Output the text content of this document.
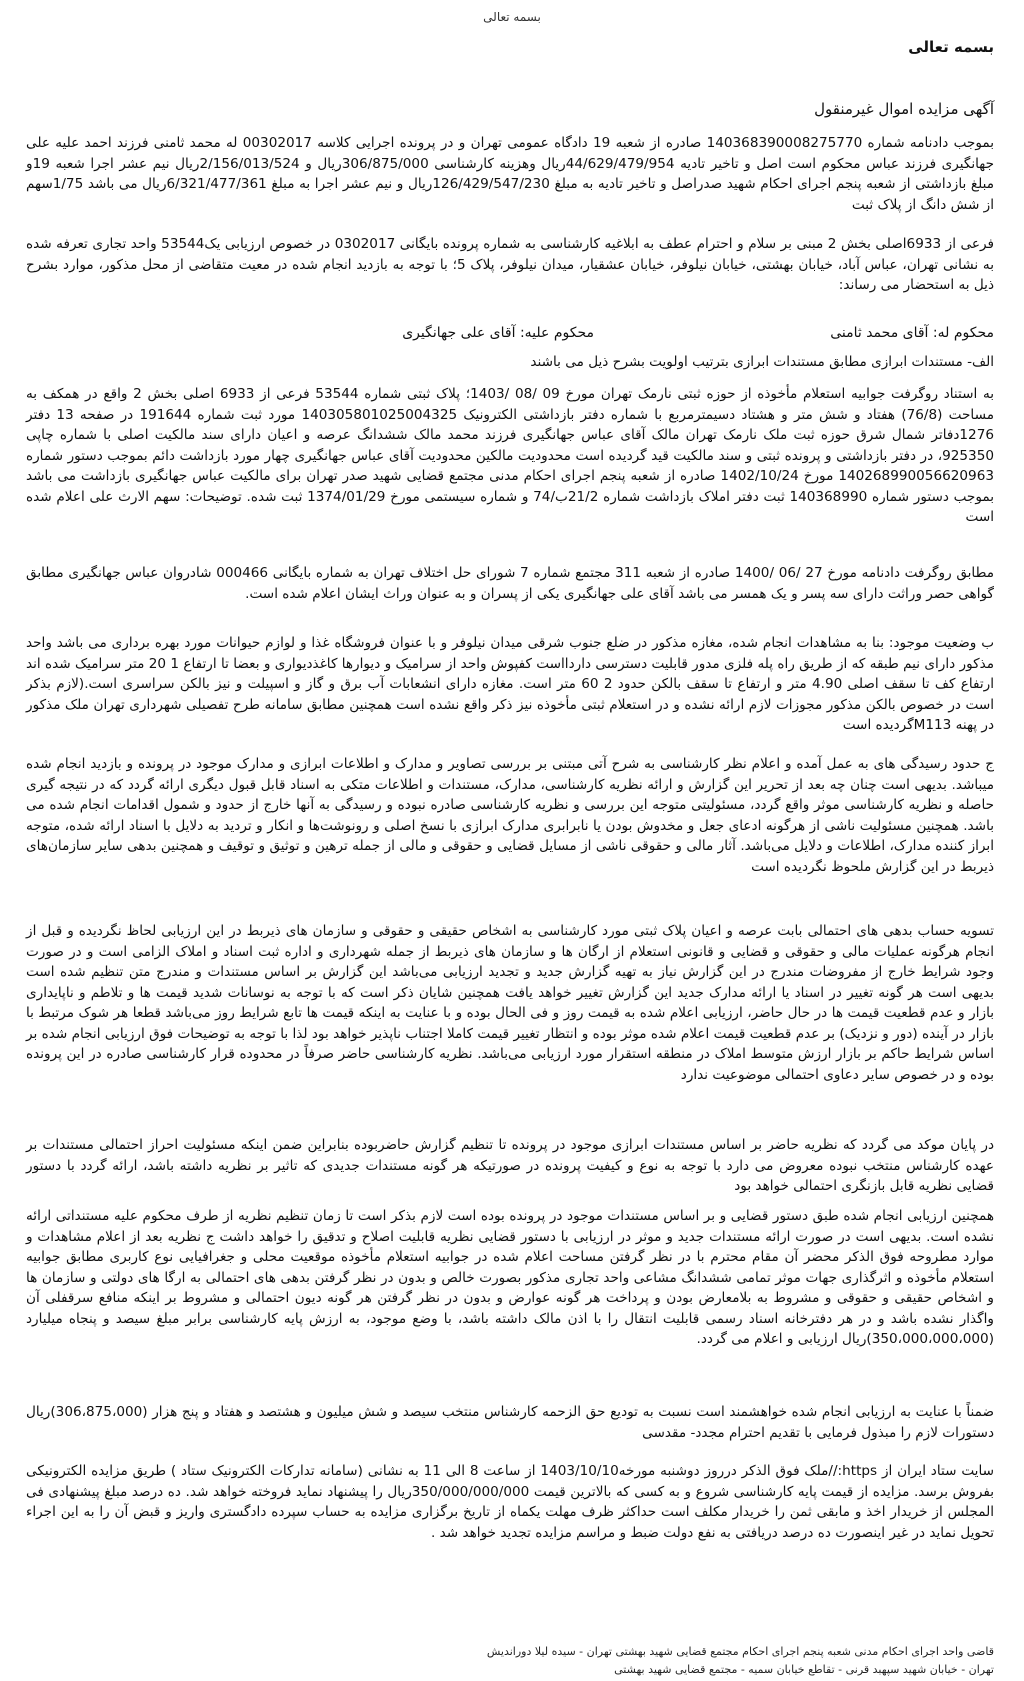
بسمه تعالی
بسمه تعالی
آگهی مزایده اموال غیرمنقول

بموجب دادنامه شماره 140368390008275770 صادره از شعبه 19 دادگاه عمومی تهران و در پرونده اجرایی کلاسه 00302017 له محمد ثامنی فرزند احمد علیه علی جهانگیری فرزند عباس محکوم است اصل و تاخیر تادیه 44/629/479/954ریال وهزینه کارشناسی 306/875/000ریال و 2/156/013/524ریال نیم عشر اجرا شعبه 19و مبلغ بازداشتی از شعبه پنجم اجرای احکام شهید صدراصل و تاخیر تادیه به مبلغ 126/429/547/230ریال و نیم عشر اجرا به مبلغ 6/321/477/361ریال می باشد 1/75سهم از شش دانگ از پلاک ثبت

فرعی از 6933اصلی بخش 2 مبنی بر سلام و احترام عطف به ابلاغیه کارشناسی به شماره پرونده بایگانی 0302017 در خصوص ارزیابی یک53544 واحد تجاری تعرفه شده به نشانی تهران، عباس آباد، خیابان بهشتی، خیابان نیلوفر، خیابان عشقیار، میدان نیلوفر، پلاک 5؛ با توجه به بازدید انجام شده در معیت متقاضی از محل مذکور، موارد بشرح ذیل به استحضار می رساند:

محکوم له: آقای محمد ثامنی
محکوم علیه: آقای علی جهانگیری

الف- مستندات ابرازی مطابق مستندات ابرازی بترتیب اولویت بشرح ذیل می باشند

به استناد روگرفت جوابیه استعلام مأخوذه از حوزه ثبتی نارمک تهران مورخ 09 /08 /1403؛ پلاک ثبتی شماره 53544 فرعی از 6933 اصلی بخش 2 واقع در همکف به مساحت (76/8) هفتاد و شش متر و هشتاد دسیمترمربع با شماره دفتر بازداشتی الکترونیک 140305801025004325 مورد ثبت شماره 191644 در صفحه 13 دفتر 1276دفاتر شمال شرق حوزه ثبت ملک نارمک تهران مالک آقای عباس جهانگیری فرزند محمد مالک ششدانگ عرصه و اعیان دارای سند مالکیت اصلی با شماره چاپی 925350، در دفتر بازداشتی و پرونده ثبتی و سند مالکیت قید گردیده است محدودیت مالکین محدودیت آقای عباس جهانگیری چهار مورد بازداشت دائم بموجب دستور شماره 140268990056620963 مورخ 1402/10/24 صادره از شعبه پنجم اجرای احکام مدنی مجتمع قضایی شهید صدر تهران برای مالکیت عباس جهانگیری بازداشت می باشد بموجب دستور شماره 140368990 ثبت دفتر املاک بازداشت شماره 21/2ب/74 و شماره سیستمی مورخ 1374/01/29 ثبت شده. توضیحات: سهم الارث علی اعلام شده است

مطابق روگرفت دادنامه مورخ 27 /06 /1400 صادره از شعبه 311 مجتمع شماره 7 شورای حل اختلاف تهران به شماره بایگانی 000466 شادروان عباس جهانگیری مطابق گواهی حصر وراثت دارای سه پسر و یک همسر می باشد آقای علی جهانگیری یکی از پسران و به عنوان وراث ایشان اعلام شده است.

ب وضعیت موجود: بنا به مشاهدات انجام شده، مغازه مذکور در ضلع جنوب شرقی میدان نیلوفر و با عنوان فروشگاه غذا و لوازم حیوانات مورد بهره برداری می باشد واحد مذکور دارای نیم طبقه که از طریق راه پله فلزی مدور قابلیت دسترسی داردااست کفپوش واحد از سرامیک و دیوارها کاغذدیواری و بعضا تا ارتفاع 1 20 متر سرامیک شده اند ارتفاع کف تا سقف اصلی 4.90 متر و ارتفاع تا سقف بالکن حدود 2 60 متر است. مغازه دارای انشعابات آب برق و گاز و اسپیلت و نیز بالکن سراسری است.(لازم بذکر است در خصوص بالکن مذکور مجوزات لازم ارائه نشده و در استعلام ثبتی مأخوذه نیز ذکر واقع نشده است همچنین مطابق سامانه طرح تفصیلی شهرداری تهران ملک مذکور در پهنه M113گردیده است

ج حدود رسیدگی های به عمل آمده و اعلام نظر کارشناسی به شرح آتی مبتنی بر بررسی تصاویر و مدارک و اطلاعات ابرازی و مدارک موجود در پرونده و بازدید انجام شده میباشد. بدیهی است چنان چه بعد از تحریر این گزارش و ارائه نظریه کارشناسی، مدارک، مستندات و اطلاعات متکی به اسناد قابل قبول دیگری ارائه گردد که در نتیجه گیری حاصله و نظریه کارشناسی موثر واقع گردد، مسئولیتی متوجه این بررسی و نظریه کارشناسی صادره نبوده و رسیدگی به آنها خارج از حدود و شمول اقدامات انجام شده می باشد. همچنین مسئولیت ناشی از هرگونه ادعای جعل و مخدوش بودن یا نابرابری مدارک ابرازی با نسخ اصلی و رونوشت‌ها و انکار و تردید به دلایل با اسناد ارائه شده، متوجه ابراز کننده مدارک، اطلاعات و دلایل می‌باشد. آثار مالی و حقوقی ناشی از مسایل قضایی و حقوقی و مالی از جمله ترهین و توثیق و توقیف و همچنین بدهی سایر سازمان‌های ذیربط در این گزارش ملحوظ نگردیده است

تسویه حساب بدهی های احتمالی بابت عرصه و اعیان پلاک ثبتی مورد کارشناسی به اشخاص حقیقی و حقوقی و سازمان های ذیربط در این ارزیابی لحاظ نگردیده و قبل از انجام هرگونه عملیات مالی و حقوقی و قضایی و قانونی استعلام از ارگان ها و سازمان های ذیربط از جمله شهرداری و اداره ثبت اسناد و املاک الزامی است و در صورت وجود شرایط خارج از مفروضات مندرج در این گزارش نیاز به تهیه گزارش جدید و تجدید ارزیابی می‌باشد این گزارش بر اساس مستندات و مندرج متن تنظیم شده است بدیهی است هر گونه تغییر در اسناد یا ارائه مدارک جدید این گزارش تغییر خواهد یافت همچنین شایان ذکر است که با توجه به نوسانات شدید قیمت ها و تلاطم و ناپایداری بازار و عدم قطعیت قیمت ها در حال حاضر، ارزیابی اعلام شده به قیمت روز و فی الحال بوده و با عنایت به اینکه قیمت ها تابع شرایط روز می‌باشد قطعا هر شوک مرتبط با بازار در آینده (دور و نزدیک) بر عدم قطعیت قیمت اعلام شده موثر بوده و انتظار تغییر قیمت کاملا اجتناب ناپذیر خواهد بود لذا با توجه به توضیحات فوق ارزیابی انجام شده بر اساس شرایط حاکم بر بازار ارزش متوسط املاک در منطقه استقرار مورد ارزیابی می‌باشد. نظریه کارشناسی حاضر صرفاً در محدوده قرار کارشناسی صادره در این پرونده بوده و در خصوص سایر دعاوی احتمالی موضوعیت ندارد

در پایان موکد می گردد که نظریه حاضر بر اساس مستندات ابرازی موجود در پرونده تا تنظیم گزارش حاضربوده بنابراین ضمن اینکه مسئولیت احراز احتمالی مستندات بر عهده کارشناس منتخب نبوده معروض می دارد با توجه به نوع و کیفیت پرونده در صورتیکه هر گونه مستندات جدیدی که تاثیر بر نظریه داشته باشد، ارائه گردد با دستور قضایی نظریه قابل بازنگری احتمالی خواهد بود

همچنین ارزیابی انجام شده طبق دستور قضایی و بر اساس مستندات موجود در پرونده بوده است لازم بذکر است تا زمان تنظیم نظریه از طرف محکوم علیه مستنداتی ارائه نشده است. بدیهی است در صورت ارائه مستندات جدید و موثر در ارزیابی با دستور قضایی نظریه قابلیت اصلاح و تدقیق را خواهد داشت ج نظریه بعد از اعلام مشاهدات و موارد مطروحه فوق الذکر محضر آن مقام محترم با در نظر گرفتن مساحت اعلام شده در جوابیه استعلام مأخوذه موقعیت محلی و جغرافیایی نوع کاربری مطابق جوابیه استعلام مأخوذه و اثرگذاری جهات موثر تمامی ششدانگ مشاعی واحد تجاری مذکور بصورت خالص و بدون در نظر گرفتن بدهی های احتمالی به ارگا های دولتی و سازمان ها و اشخاص حقیقی و حقوقی و مشروط به بلامعارض بودن و پرداخت هر گونه عوارض و بدون در نظر گرفتن هر گونه دیون احتمالی و مشروط بر اینکه منافع سرقفلی آن واگذار نشده باشد و در هر دفترخانه اسناد رسمی قابلیت انتقال را با اذن مالک داشته باشد، با وضع موجود، به ارزش پایه کارشناسی برابر مبلغ سیصد و پنجاه میلیارد (350،000،000،000)ریال ارزیابی و اعلام می گردد.

ضمناً با عنایت به ارزیابی انجام شده خواهشمند است نسبت به تودیع حق الزحمه کارشناس منتخب سیصد و شش میلیون و هشتصد و هفتاد و پنج هزار (306،875،000)ریال دستورات لازم را مبذول فرمایی با تقدیم احترام مجدد- مقدسی

سایت ستاد ایران از https://ملک فوق الذکر درروز دوشنبه مورخه1403/10/10 از ساعت 8 الی 11 به نشانی (سامانه تدارکات الکترونیک ستاد ) طریق مزایده الکترونیکی بفروش برسد. مزایده از قیمت پایه کارشناسی شروع و به کسی که بالاترین قیمت 350/000/000/000ریال را پیشنهاد نماید فروخته خواهد شد. ده درصد مبلغ پیشنهادی فی المجلس از خریدار اخذ و مابقی ثمن را خریدار مکلف است حداکثر ظرف مهلت یکماه از تاریخ برگزاری مزایده به حساب سپرده دادگستری واریز و قبض آن را به این اجراء تحویل نماید در غیر اینصورت ده درصد دریافتی به نفع دولت ضبط و مراسم مزایده تجدید خواهد شد .

قاضی واحد اجرای احکام مدنی شعبه پنجم اجرای احکام مجتمع قضایی شهید بهشتی تهران - سیده لیلا دورانديش
تهران - خیابان شهید سپهبد قرنی - تقاطع خیابان سمیه - مجتمع قضایی شهید بهشتی
